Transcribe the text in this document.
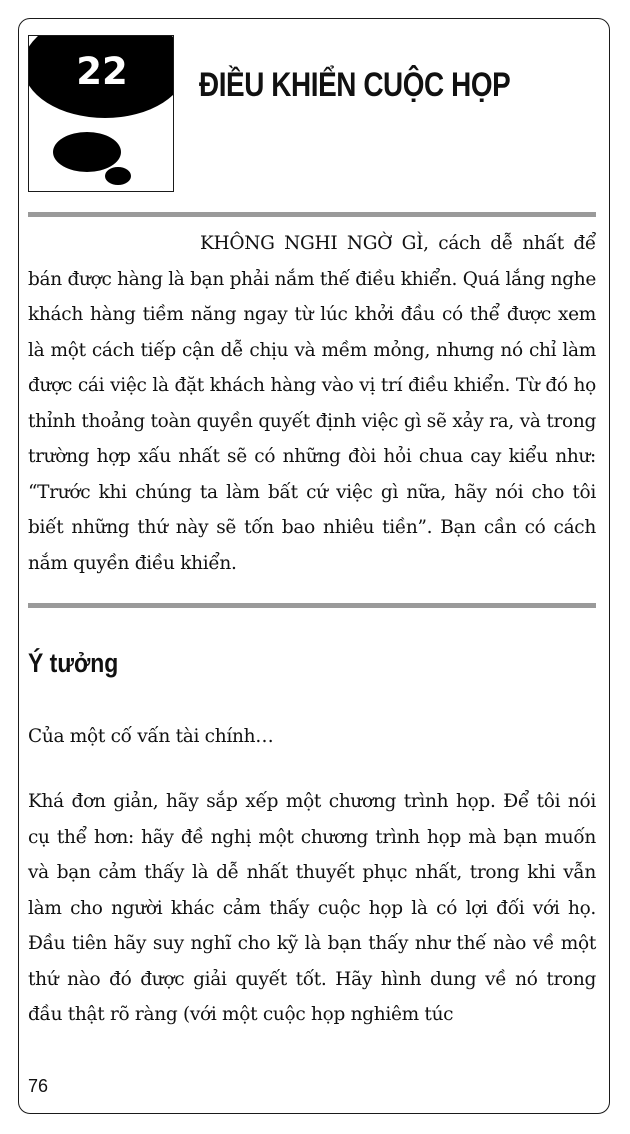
22	ĐIỀU KHIỂN CUỘC HỌP

KHÔNG NGHI NGỜ GÌ, cách dễ nhất để bán được hàng là bạn phải nắm thế điều khiển. Quá lắng nghe khách hàng tiềm năng ngay từ lúc khởi đầu có thể được xem là một cách tiếp cận dễ chịu và mềm mỏng, nhưng nó chỉ làm được cái việc là đặt khách hàng vào vị trí điều khiển. Từ đó họ thỉnh thoảng toàn quyền quyết định việc gì sẽ xảy ra, và trong trường hợp xấu nhất sẽ có những đòi hỏi chua cay kiểu như: “Trước khi chúng ta làm bất cứ việc gì nữa, hãy nói cho tôi biết những thứ này sẽ tốn bao nhiêu tiền”. Bạn cần có cách nắm quyền điều khiển.

Ý tưởng

Của một cố vấn tài chính…

Khá đơn giản, hãy sắp xếp một chương trình họp. Để tôi nói cụ thể hơn: hãy đề nghị một chương trình họp mà bạn muốn và bạn cảm thấy là dễ nhất thuyết phục nhất, trong khi vẫn làm cho người khác cảm thấy cuộc họp là có lợi đối với họ. Đầu tiên hãy suy nghĩ cho kỹ là bạn thấy như thế nào về một thứ nào đó được giải quyết tốt. Hãy hình dung về nó trong đầu thật rõ ràng (với một cuộc họp nghiêm túc

76
